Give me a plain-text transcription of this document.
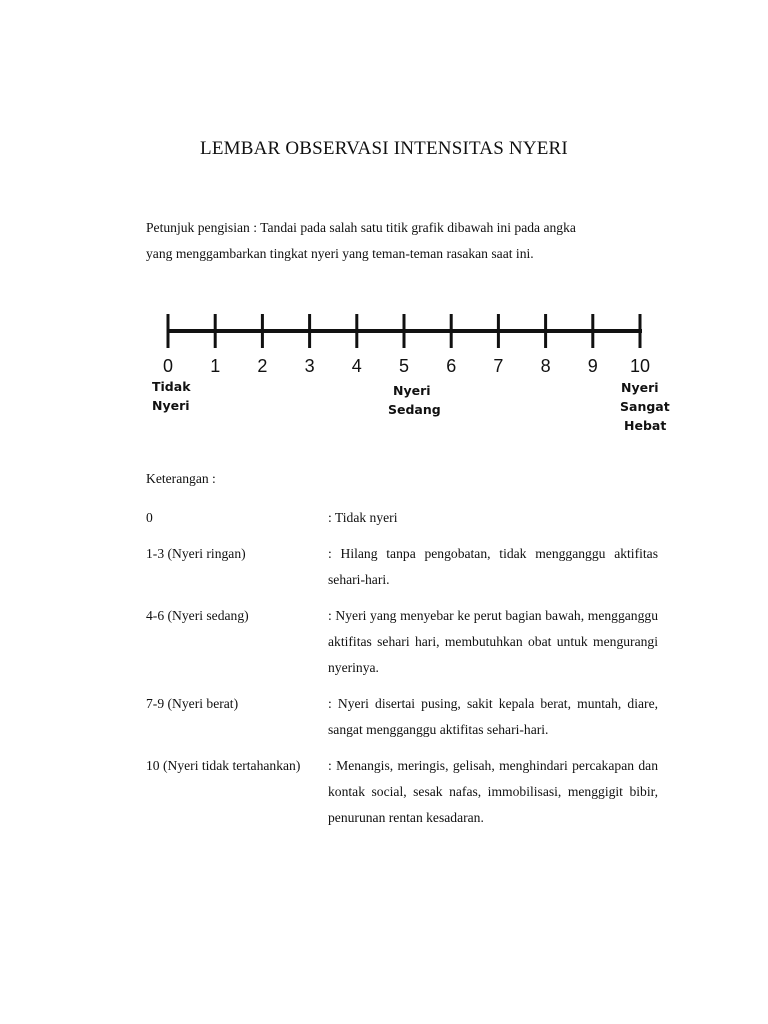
LEMBAR OBSERVASI INTENSITAS NYERI

Petunjuk pengisian : Tandai pada salah satu titik grafik dibawah ini pada angka

yang menggambarkan tingkat nyeri yang teman-teman rasakan saat ini.

0 1 2 3 4 5 6 7 8 9 10
Tidak
Nyeri
Nyeri
Sedang
Nyeri
Sangat
Hebat
Keterangan :
0	: Tidak nyeri
1-3 (Nyeri ringan)	: Hilang tanpa pengobatan, tidak mengganggu aktifitas sehari-hari.
4-6 (Nyeri sedang)	: Nyeri yang menyebar ke perut bagian bawah, mengganggu aktifitas sehari hari, membutuhkan obat untuk mengurangi nyerinya.
7-9 (Nyeri berat)	: Nyeri disertai pusing, sakit kepala berat, muntah, diare, sangat mengganggu aktifitas sehari-hari.
10 (Nyeri tidak tertahankan)	: Menangis, meringis, gelisah, menghindari percakapan dan kontak social, sesak nafas, immobilisasi, menggigit bibir, penurunan rentan kesadaran.
